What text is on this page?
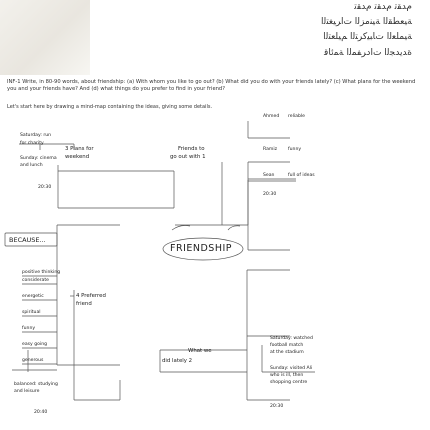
ﻡﺪﻘﺗ ﻡﺪﻘﺗ ﻡﺪﻘﺗ
ﺔﻴﻌﻄﻘﻟﺍ ﺔﻴﻨﻣﺰﻟﺍ ﺕﺍﺮﻴﻐﺘﻟﺍ
ﺔﻴﻤﻠﻌﻟﺍ ﺕﺎﺒﻴﻛﺮﺘﻟﺍ ﻢﻴﻠﻌﺘﻟﺍ
ﺓﺪﻳﺪﺠﻟﺍ ﺕﺍﺩﺮﻔﻤﻟﺍ ﺔﻤﺋﺎﻗ
INF-1 Write, in 80-90 words, about friendship: (a) With whom you like to go out? (b) What did you do with your friends lately? (c) What plans for the weekend you and your friends have? And (d) what things do you prefer to find in your friend?
Let's start here by drawing a mind-map containing the ideas, giving some details.
Saturday: run
for charity
3 Plans for
weekend
Sunday: cinema
and lunch
20:30
Friends to
go out with 1
Ahmed reliable
Ramiz funny
Sean	full of ideas
20:30
FRIENDSHIP
BECAUSE...
positive thinking
considerate
energetic
spiritual
funny
easy going
generous
balanced: studying
and leisure
20:40
4 Preferred
friend
What we
did lately 2
Saturday: watched
football match
at the stadium
Sunday: visited Ali
who is ill, then
shopping centre
20:30
